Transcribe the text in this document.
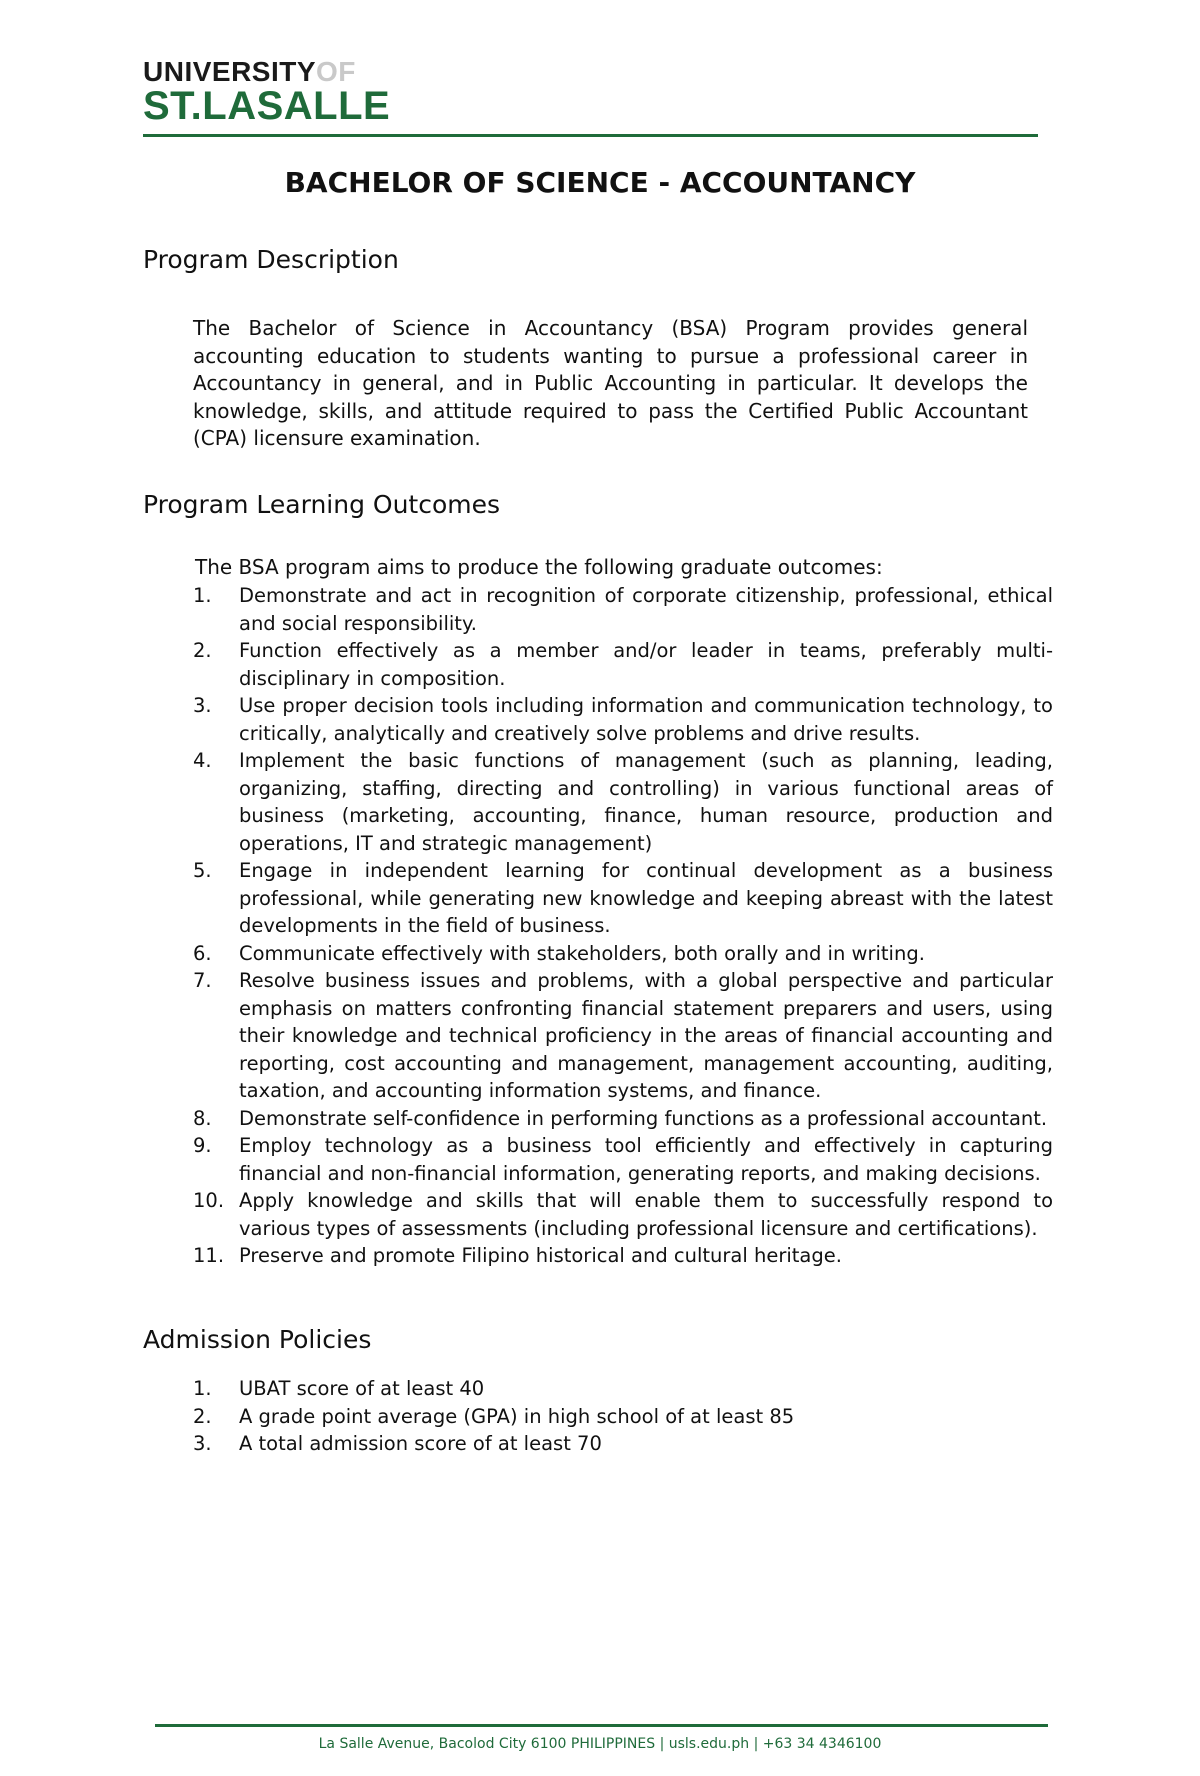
UNIVERSITYOF
ST.LASALLE
BACHELOR OF SCIENCE - ACCOUNTANCY
Program Description
The Bachelor of Science in Accountancy (BSA) Program provides general accounting education to students wanting to pursue a professional career in Accountancy in general, and in Public Accounting in particular. It develops the knowledge, skills, and attitude required to pass the Certified Public Accountant (CPA) licensure examination.
Program Learning Outcomes
The BSA program aims to produce the following graduate outcomes:
1. Demonstrate and act in recognition of corporate citizenship, professional, ethical and social responsibility.
2. Function effectively as a member and/or leader in teams, preferably multi-disciplinary in composition.
3. Use proper decision tools including information and communication technology, to critically, analytically and creatively solve problems and drive results.
4. Implement the basic functions of management (such as planning, leading, organizing, staffing, directing and controlling) in various functional areas of business (marketing, accounting, finance, human resource, production and operations, IT and strategic management)
5. Engage in independent learning for continual development as a business professional, while generating new knowledge and keeping abreast with the latest developments in the field of business.
6. Communicate effectively with stakeholders, both orally and in writing.
7. Resolve business issues and problems, with a global perspective and particular emphasis on matters confronting financial statement preparers and users, using their knowledge and technical proficiency in the areas of financial accounting and reporting, cost accounting and management, management accounting, auditing, taxation, and accounting information systems, and finance.
8. Demonstrate self-confidence in performing functions as a professional accountant.
9. Employ technology as a business tool efficiently and effectively in capturing financial and non-financial information, generating reports, and making decisions.
10. Apply knowledge and skills that will enable them to successfully respond to various types of assessments (including professional licensure and certifications).
11. Preserve and promote Filipino historical and cultural heritage.
Admission Policies
1. UBAT score of at least 40
2. A grade point average (GPA) in high school of at least 85
3. A total admission score of at least 70
La Salle Avenue, Bacolod City 6100 PHILIPPINES | usls.edu.ph | +63 34 4346100
